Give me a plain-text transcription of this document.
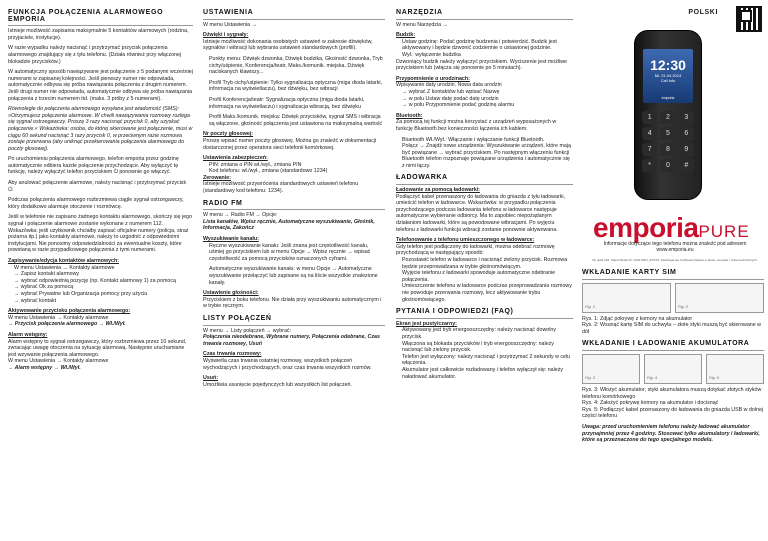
FUNKCJA POŁĄCZENIA ALARMOWEGO EMPORIA

Istnieje możliwość zapisania maksymalnie 5 kontaktów alarmowych (rodzina, przyjaciele, instytucje).

W razie wypadku należy nacisnąć i przytrzymać przycisk połączenia alarmowego znajdujący się z tyłu telefonu. (Działa również przy włączonej blokadzie przycisków.)

W automatyczny sposób nawiązywane jest połączenie z 5 podanymi wcześniej numerami w zapisanej kolejności. Jeśli pierwszy numer nie odpowiada, automatycznie odbywa się próba nawiązania połączenia z drugim numerem. Jeśli drugi numer nie odpowiada, automatycznie odbywa się próba nawiązania połączenia z trzecim numerem itd. (maks. 3 próby z 5 numerami).

Równolegle do połączenia alarmowego wysyłana jest wiadomość (SMS): »Otrzymujesz połączenie alarmowe. W chwili nawiązywania rozmowy rozlega się sygnał ostrzegawczy. Proszę 3 razy nacisnąć przycisk 0, aby uzyskać połączenie.« Wskazówka: osoba, do której skierowane jest połączenie, musi w ciągu 60 sekund nacisnąć 3 razy przycisk 0, w przeciwnym razie rozmowa zostaje przerwana (aby uniknąć przekierowania połączenia alarmowego do poczty głosowej).

Po uruchomieniu połączenia alarmowego, telefon emporia przez godzinę automatycznie odbiera każde połączenie przychodzące. Aby wyłączyć tę funkcję, należy wyłączyć telefon przyciskiem ⏻ ponownie go włączyć.

Aby anulować połączenie alarmowe, należy nacisnąć i przytrzymać przycisk ⏻.

Podczas połączenia alarmowego rozbrzmiewa ciągle sygnał ostrzegawczy, który dodatkowo alarmuje otoczenie i rozmówcę.

Jeśli w telefonie nie zapisano żadnego kontaktu alarmowego, skończy się jego sygnał i połączenie alarmowe zostanie wykonane z numerem 112. Wskazówka: jeśli użytkownik chciałby zapisać oficjalne numery (policja, straż pożarna itp.) jako kontakty alarmowe, należy to uzgodnić z odpowiednimi instytucjami. Nie ponosimy odpowiedzialności za ewentualne koszty, które powstaną w razie przypadkowego połączenia z tymi numerami.

Zapisywanie/edycja kontaktów alarmowych:
W menu Ustawienia → Kontakty alarmowe
→ Zapisz kontakt alarmowy
→ wybrać odpowiednią pozycję (np. Kontakt alarmowy 1) za pomocą
→ wybrać Ok za pomocą
→ wybrać Prywatne lub Organizacja pomocy przy użyciu
→ wybrać kontakt
Aktywowanie przycisku połączenia alarmowego:
W menu Ustawienia → Kontakty alarmowe
→ Przycisk połączenia alarmowego → Wł./Wył.
Alarm wstępny:
Alarm wstępny to sygnał ostrzegawczy, który rozbrzmiewa przez 10 sekund, zwracając uwagę otoczenia na sytuację alarmową. Następnie uruchamiane jest wzywanie połączenia alarmowego.
W menu Ustawienia → Kontakty alarmowe
→ Alarm wstępny → Wł./Wył.
USTAWIENIA

W menu Ustawienia →

Dźwięki i sygnały:

Istnieje możliwość dokonania osobistych ustawień w zakresie dźwięków, sygnałów i wibracji lub wybrania ustawień standardowych (profili).

Punkty menu: Dźwięk dzwonka, Dźwięk budzika, Głośność dzwonka, Tryb cichy/uśpienie, Konferencja/teatr, Maks./komunik. miejska, Dźwięk naciskanych klawiszy...

Profil Tryb cichy/uśpienie: Tylko sygnalizacja optyczna (miga dioda latarki, informacja na wyświetlaczu), bez dźwięku, bez wibracji

Profil Konferencja/teatr: Sygnalizacja optyczna (miga dioda latarki, informacja na wyświetlaczu) i sygnalizacja wibracją, bez dźwięku

Profil Maks./komunik. miejska: Dźwięk przycisków, sygnał SMS i wibracja są włączone, głośność połączenia jest ustawiona na maksymalną wartość

Nr poczty głosowej:

Proszę wpisać numer poczty głosowej. Można go znaleźć w dokumentacji dostarczonej przez operatora sieci telefonii komórkowej.

Ustawienia zabezpieczeń:
PIN: zmiana o PIN wł./wył., zmiana PIN
Kod telefonu: wł./wył., zmiana (standardowo 1234)
Zerowanie:

Istnieje możliwość przywrócenia standardowych ustawień telefonu (standardowy kod telefonu: 1234).

RADIO FM
W menu → Radio FM → Opcje:

Lista kanałów, Wpisz ręcznie, Automatyczne wyszukiwanie, Głośnik, Informacja, Zakończ

Wyszukiwanie kanału:

Ręczne wyszukiwanie kanału: Jeśli znana jest częstotliwość kanału, uśmiej go przyciskiem lub w menu Opcje → Wpisz ręcznie → wpisać częstotliwość za pomocą przycisków oznaczonych cyframi.

Automatyczne wyszukiwanie kanału: w menu Opcje → Automatyczne wyszukiwanie przełączyć lub zapisane są na liście wszystkie znalezione kanały.

Ustawienie głośności:

Przyciskiem z boku telefonu. Nie działa przy wyszukiwaniu automatycznym i w trybie ręcznym.

LISTY POŁĄCZEŃ
W menu → Listy połączeń → wybrać:

Połączenia nieodebrane, Wybrane numery, Połączenia odebrane, Czas trwania rozmowy, Usuń

Czas trwania rozmowy:

Wyświetla czas trwania ostatniej rozmowy, wszystkich połączeń wychodzących i przychodzących, oraz czas trwania wszystkich rozmów.

Usuń:

Umożliwia usunięcie pojedynczych lub wszystkich list połączeń.

NARZĘDZIA

W menu Narzędzia →

Budzik:
Ustaw godzinę: Podać godzinę budzenia i potwierdzić. Budzik jest aktywowany i będzie dzwonić codziennie o ustawionej godzinie.
Wył.: wyłączenie budzika

Dzwoniący budzik należy wyłączyć przyciskiem. Wyciszenie jest możliwe przyciskiem lub (włącza się ponownie po 5 minutach).

Przypomnienie o urodzinach:
Wpisywanie daty urodzin. Nowa data urodzin
→ wybrać Z kontaktów lub wpisać Nazwę
→ w polu Ustaw datę podać datę urodzin

→ w polu Przypomnienie podać godzinę alarmu

Bluetooth:

Za pomocą tej funkcji można korzystać z urządzeń wyposażonych w funkcję Bluetooth bez konieczności łączenia ich kablem.

Bluetooth Wł./Wył.: Włączanie i wyłączanie funkcji Bluetooth.

Połącz → Znajdź nowe urządzenia: Wyszukiwanie urządzeń, które mają być powiązane → wybrać przyciskiem. Po następnym włączeniu funkcji Bluetooth telefon rozpoznaje powiązane urządzenia i automatycznie się z nimi łączy.

ŁADOWARKA
Ładowanie za pomocą ładowarki:

Podłączyć kabel przenaszony do ładowania do gniazda z tyłu ładowarki, umieścić telefon w ładowarce. Wskazówka: w przypadku połączenia przychodzącego podczas ładowania telefonu w ładowarce następuje automatyczne wybieranie odbiorcy. Ma to zapobiec niepożądanym działaniom ładowarki, które są powodowane wibracjami. Po wyjęciu telefonu z ładowarki funkcja wibracji zostanie ponownie aktywowana.

Telefonowanie z telefonu umieszczonego w ładowarce:
Gdy telefon jest podłączony do ładowarki, można odebrać rozmowę przychodzącą w następujący sposób:
Pozostawić telefon w ładowarce i nacisnąć zielony przycisk. Rozmowa będzie przeprowadzana w trybie głośnomówiącym.
Wyjęcie telefonu z ładowarki spowoduje automatyczne odebranie połączenia.

Umieszczenie telefonu w ładowarce podczas przeprowadzania rozmowy nie powoduje przerwania rozmowy, lecz aktywowanie trybu głośnomówiącego.

PYTANIA I ODPOWIEDZI (FAQ)
Ekran jest pusty/czarny:
Aktywowany jest tryb energooszczędny: należy nacisnąć dowolny przycisk.
Włączona są blokada przycisków i tryb energooszczędny: należy nacisnąć lub zielony przycisk.
Telefon jest wyłączony: należy nacisnąć i przytrzymać 2 sekundy w celu włączenia.
Akumulator jest całkowicie rozładowany i telefon wyłączył się: należy naładować akumulator.
POLSKI
12:30
Mi. 21.04.2014
Call info
emporia
1	2	3
4	5	6
7	8	9
*	0	#
emporiaPURE
Informacje dotyczące tego telefonu można znaleźć pod adresem www.emporia.eu
By ujaíli V22, Stand Model Nr. V222 PRO_XXXXX; Zastrzega się możliwość błędów w druku, pomyłek i zmian technicznych.
WKŁADANIE KARTY SIM
Fig. 1	Fig. 2
Rys. 1: Zdjąć pokrywę z komory na akumulator

Rys. 2: Wsunąć kartę SIM do uchwytu – złote styki muszą być skierowane w dół

WKŁADANIE I ŁADOWANIE AKUMULATORA
Fig. 3	Fig. 4	Fig. 5
Rys. 3: Włożyć akumulator; styki akumulatora muszą dotykać złotych styków telefonu komórkowego
Rys. 4: Założyć pokrywę komory na akumulator i docisnąć

Rys. 5: Podłączyć kabel przenaszony do ładowania do gniazda USB w dolnej części telefonu

Uwaga: przed uruchomieniem telefonu należy ładować akumulator przynajmniej przez 4 godziny. Stosować tylko akumulatory i ładowarki, które są przeznaczone do tego specjalnego modelu.
